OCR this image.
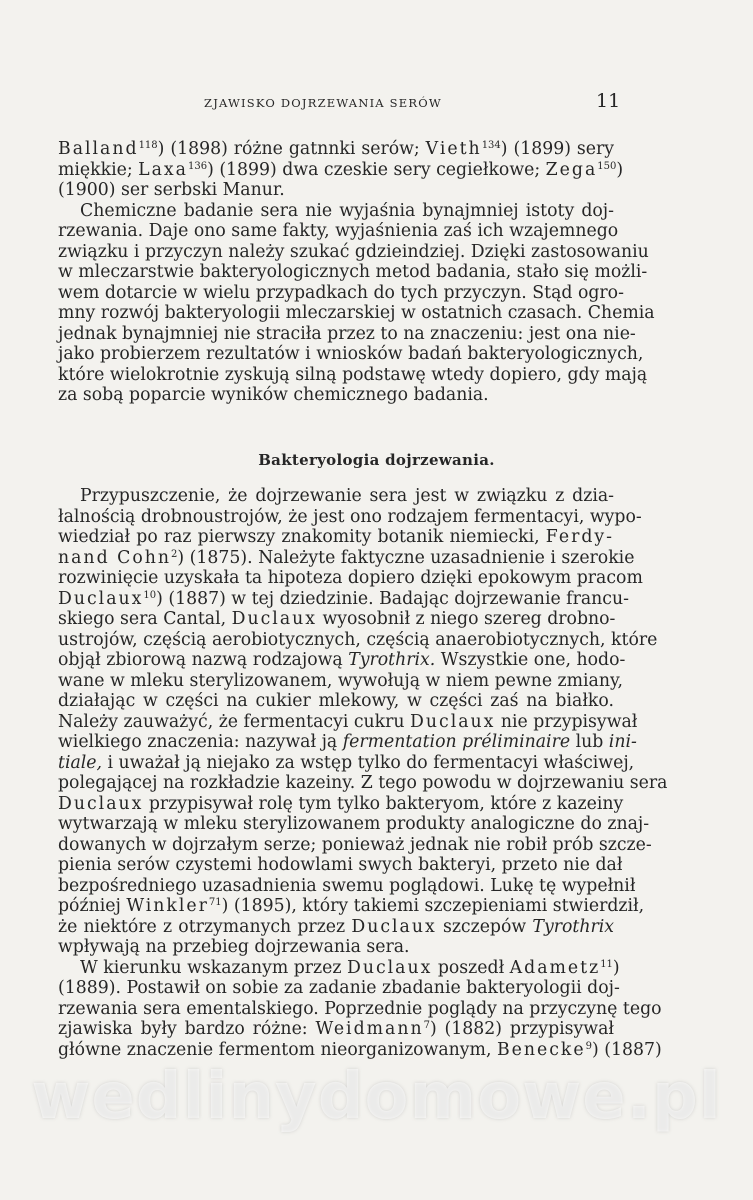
ZJAWISKO DOJRZEWANIA SERÓW	11
Balland$^{118}$) (1898) różne gatnnki serów; Vieth$^{134}$) (1899) sery
miękkie; Laxa$^{136}$) (1899) dwa czeskie sery cegiełkowe; Zega$^{150}$)
(1900) ser serbski Manur.
Chemiczne badanie sera nie wyjaśnia bynajmniej istoty doj-
rzewania. Daje ono same fakty, wyjaśnienia zaś ich wzajemnego
związku i przyczyn należy szukać gdzieindziej. Dzięki zastosowaniu
w mleczarstwie bakteryologicznych metod badania, stało się możli-
wem dotarcie w wielu przypadkach do tych przyczyn. Stąd ogro-
mny rozwój bakteryologii mleczarskiej w ostatnich czasach. Chemia
jednak bynajmniej nie straciła przez to na znaczeniu: jest ona nie-
jako probierzem rezultatów i wniosków badań bakteryologicznych,
które wielokrotnie zyskują silną podstawę wtedy dopiero, gdy mają
za sobą poparcie wyników chemicznego badania.
Bakteryologia dojrzewania.
Przypuszczenie, że dojrzewanie sera jest w związku z dzia-
łalnością drobnoustrojów, że jest ono rodzajem fermentacyi, wypo-
wiedział po raz pierwszy znakomity botanik niemiecki, Ferdy-
nand Cohn$^2$) (1875). Należyte faktyczne uzasadnienie i szerokie
rozwinięcie uzyskała ta hipoteza dopiero dzięki epokowym pracom
Duclaux$^{10}$) (1887) w tej dziedzinie. Badając dojrzewanie francu-
skiego sera Cantal, Duclaux wyosobnił z niego szereg drobno-
ustrojów, częścią aerobiotycznych, częścią anaerobiotycznych, które
objął zbiorową nazwą rodzajową Tyrothrix. Wszystkie one, hodo-
wane w mleku sterylizowanem, wywołują w niem pewne zmiany,
działając w części na cukier mlekowy, w części zaś na białko.
Należy zauważyć, że fermentacyi cukru Duclaux nie przypisywał
wielkiego znaczenia: nazywał ją fermentation préliminaire lub ini-
tiale, i uważał ją niejako za wstęp tylko do fermentacyi właściwej,
polegającej na rozkładzie kazeiny. Z tego powodu w dojrzewaniu sera
Duclaux przypisywał rolę tym tylko bakteryom, które z kazeiny
wytwarzają w mleku sterylizowanem produkty analogiczne do znaj-
dowanych w dojrzałym serze; ponieważ jednak nie robił prób szcze-
pienia serów czystemi hodowlami swych bakteryi, przeto nie dał
bezpośredniego uzasadnienia swemu poglądowi. Lukę tę wypełnił
później Winkler$^{71}$) (1895), który takiemi szczepieniami stwierdził,
że niektóre z otrzymanych przez Duclaux szczepów Tyrothrix
wpływają na przebieg dojrzewania sera.
W kierunku wskazanym przez Duclaux poszedł Adametz$^{11}$)
(1889). Postawił on sobie za zadanie zbadanie bakteryologii doj-
rzewania sera ementalskiego. Poprzednie poglądy na przyczynę tego
zjawiska były bardzo różne: Weidmann$^7$) (1882) przypisywał
główne znaczenie fermentom nieorganizowanym, Benecke$^9$) (1887)
wedlinydomowe.pl
